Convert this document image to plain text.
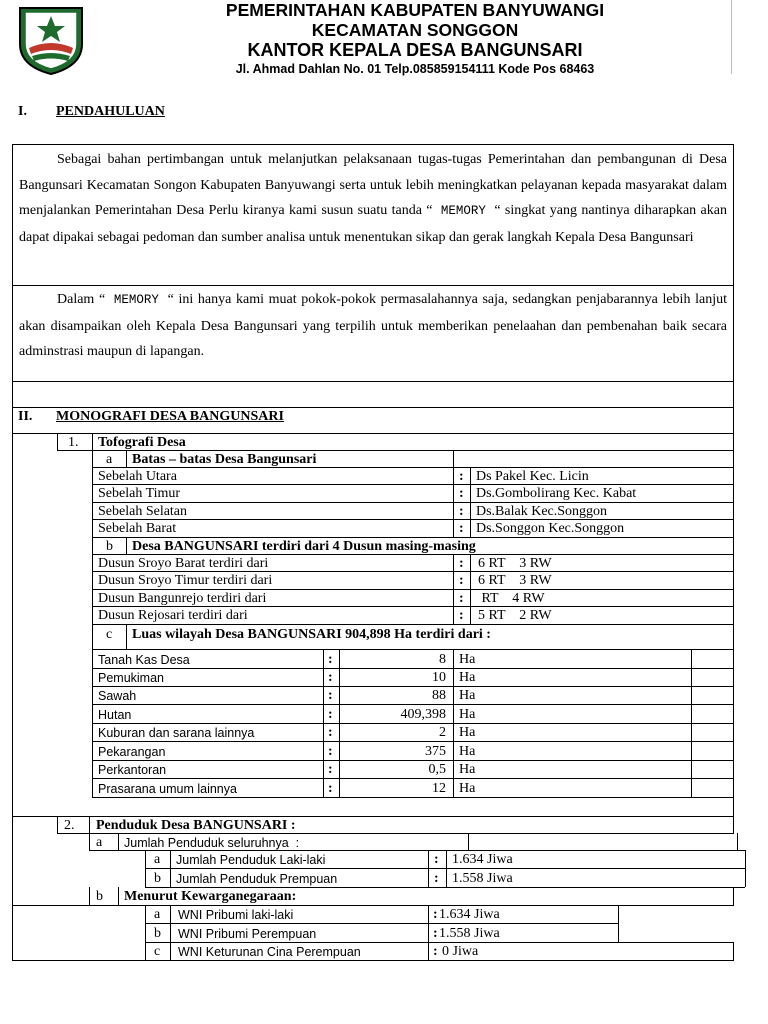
PEMERINTAHAN KABUPATEN BANYUWANGI
KECAMATAN SONGGON
KANTOR KEPALA DESA BANGUNSARI
Jl. Ahmad Dahlan No. 01 Telp.085859154111 Kode Pos 68463
I. PENDAHULUAN

Sebagai bahan pertimbangan untuk melanjutkan pelaksanaan tugas-tugas Pemerintahan dan pembangunan di Desa Bangunsari Kecamatan Songon Kabupaten Banyuwangi serta untuk lebih meningkatkan pelayanan kepada masyarakat dalam menjalankan Pemerintahan Desa Perlu kiranya kami susun suatu tanda “ MEMORY “ singkat yang nantinya diharapkan akan dapat dipakai sebagai pedoman dan sumber analisa untuk menentukan sikap dan gerak langkah Kepala Desa Bangunsari

Dalam “ MEMORY “ ini hanya kami muat pokok-pokok permasalahannya saja, sedangkan penjabarannya lebih lanjut akan disampaikan oleh Kepala Desa Bangunsari yang terpilih untuk memberikan penelaahan dan pembenahan baik secara adminstrasi maupun di lapangan.

II. MONOGRAFI DESA BANGUNSARI
1. Tofografi Desa
a Batas – batas Desa Bangunsari
Sebelah Utara	: Ds Pakel Kec. Licin
Sebelah Timur	: Ds.Gombolirang Kec. Kabat
Sebelah Selatan	: Ds.Balak Kec.Songgon
Sebelah Barat	: Ds.Songgon Kec.Songgon
b Desa BANGUNSARI terdiri dari 4 Dusun masing-masing
Dusun Sroyo Barat terdiri dari	: 6 RT    3 RW
Dusun Sroyo Timur terdiri dari	: 6 RT    3 RW
Dusun Bangunrejo terdiri dari	: RT    4 RW
Dusun Rejosari terdiri dari	: 5 RT    2 RW
c Luas wilayah Desa BANGUNSARI 904,898 Ha terdiri dari :
Tanah Kas Desa	:	8 Ha
Pemukiman	:	10 Ha
Sawah	:	88 Ha
Hutan	:	409,398 Ha
Kuburan dan sarana lainnya	:	2 Ha
Pekarangan	:	375 Ha
Perkantoran	:	0,5 Ha
Prasarana umum lainnya	:	12 Ha
2. Penduduk Desa BANGUNSARI :
a Jumlah Penduduk seluruhnya  :
a Jumlah Penduduk Laki-laki	: 1.634 Jiwa
b Jumlah Penduduk Prempuan	: 1.558 Jiwa
b Menurut Kewarganegaraan:
a WNI Pribumi laki-laki	: 1.634 Jiwa
b WNI Pribumi Perempuan	: 1.558 Jiwa
c WNI Keturunan Cina Perempuan	: 0 Jiwa
